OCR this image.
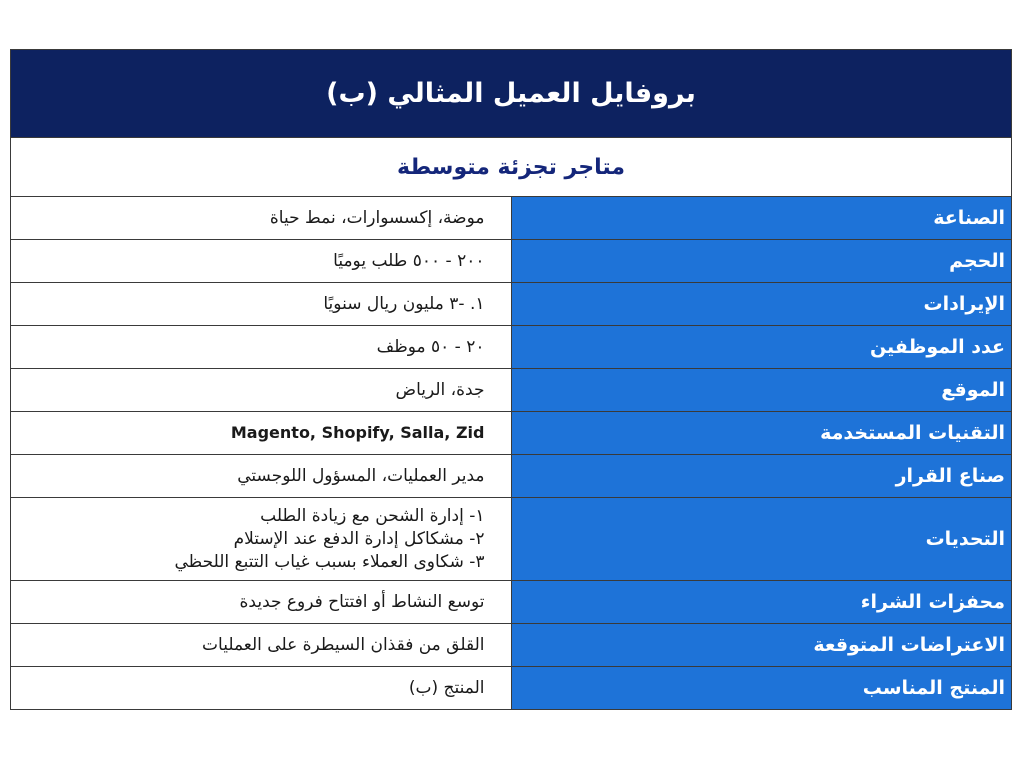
بروفايل العميل المثالي (ب)	
متاجر تجزئة متوسطة	
الصناعة	موضة، إكسسوارات، نمط حياة
الحجم	٢٠٠ - ٥٠٠ طلب يوميًا
الإيرادات	١. -٣ مليون ريال سنويًا
عدد الموظفين	٢٠ - ٥٠ موظف
الموقع	جدة، الرياض
التقنيات المستخدمة	Magento, Shopify, Salla, Zid
صناع القرار	مدير العمليات، المسؤول اللوجستي
التحديات	١- إدارة الشحن مع زيادة الطلب
٢- مشكاكل إدارة الدفع عند الإستلام
٣- شكاوى العملاء بسبب غياب التتبع اللحظي

محفزات الشراء	توسع النشاط أو افتتاح فروع جديدة
الاعتراضات المتوقعة	القلق من فقذان السيطرة على العمليات
المنتج المناسب	المنتج (ب)
